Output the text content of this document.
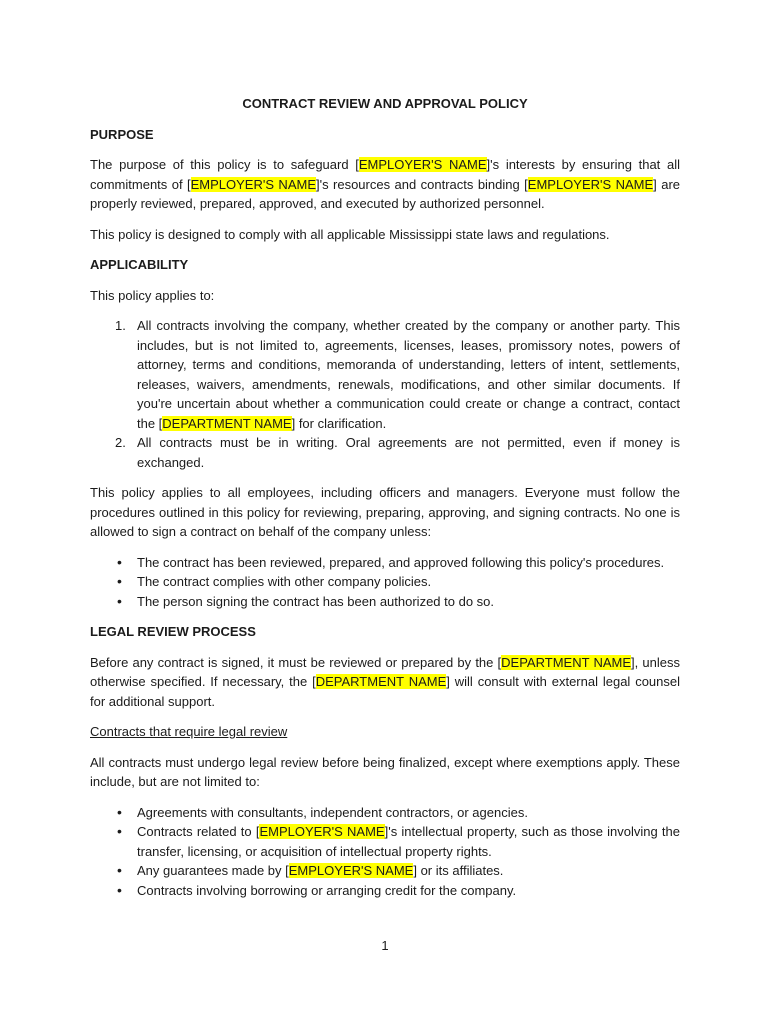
CONTRACT REVIEW AND APPROVAL POLICY
PURPOSE

The purpose of this policy is to safeguard [EMPLOYER'S NAME]'s interests by ensuring that all commitments of [EMPLOYER'S NAME]'s resources and contracts binding [EMPLOYER'S NAME] are properly reviewed, prepared, approved, and executed by authorized personnel.

This policy is designed to comply with all applicable Mississippi state laws and regulations.

APPLICABILITY

This policy applies to:

All contracts involving the company, whether created by the company or another party. This includes, but is not limited to, agreements, licenses, leases, promissory notes, powers of attorney, terms and conditions, memoranda of understanding, letters of intent, settlements, releases, waivers, amendments, renewals, modifications, and other similar documents. If you're uncertain about whether a communication could create or change a contract, contact the [DEPARTMENT NAME] for clarification.
All contracts must be in writing. Oral agreements are not permitted, even if money is exchanged.

This policy applies to all employees, including officers and managers. Everyone must follow the procedures outlined in this policy for reviewing, preparing, approving, and signing contracts. No one is allowed to sign a contract on behalf of the company unless:

• The contract has been reviewed, prepared, and approved following this policy's procedures.
• The contract complies with other company policies.
• The person signing the contract has been authorized to do so.
LEGAL REVIEW PROCESS

Before any contract is signed, it must be reviewed or prepared by the [DEPARTMENT NAME], unless otherwise specified. If necessary, the [DEPARTMENT NAME] will consult with external legal counsel for additional support.

Contracts that require legal review

All contracts must undergo legal review before being finalized, except where exemptions apply. These include, but are not limited to:

• Agreements with consultants, independent contractors, or agencies.
• Contracts related to [EMPLOYER'S NAME]'s intellectual property, such as those involving the transfer, licensing, or acquisition of intellectual property rights.
• Any guarantees made by [EMPLOYER'S NAME] or its affiliates.
• Contracts involving borrowing or arranging credit for the company.
1
